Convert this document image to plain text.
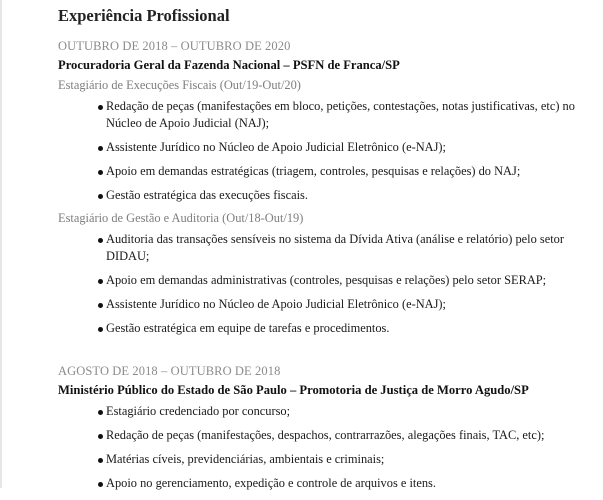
Experiência Profissional
OUTUBRO DE 2018 – OUTUBRO DE 2020
Procuradoria Geral da Fazenda Nacional – PSFN de Franca/SP
Estagiário de Execuções Fiscais (Out/19-Out/20)
Redação de peças (manifestações em bloco, petições, contestações, notas justificativas, etc) no Núcleo de Apoio Judicial (NAJ);
Assistente Jurídico no Núcleo de Apoio Judicial Eletrônico (e-NAJ);
Apoio em demandas estratégicas (triagem, controles, pesquisas e relações) do NAJ;
Gestão estratégica das execuções fiscais.
Estagiário de Gestão e Auditoria (Out/18-Out/19)
Auditoria das transações sensíveis no sistema da Dívida Ativa (análise e relatório) pelo setor DIDAU;
Apoio em demandas administrativas (controles, pesquisas e relações) pelo setor SERAP;
Assistente Jurídico no Núcleo de Apoio Judicial Eletrônico (e-NAJ);
Gestão estratégica em equipe de tarefas e procedimentos.
AGOSTO DE 2018 – OUTUBRO DE 2018
Ministério Público do Estado de São Paulo – Promotoria de Justiça de Morro Agudo/SP
Estagiário credenciado por concurso;
Redação de peças (manifestações, despachos, contrarrazões, alegações finais, TAC, etc);
Matérias cíveis, previdenciárias, ambientais e criminais;
Apoio no gerenciamento, expedição e controle de arquivos e itens.
